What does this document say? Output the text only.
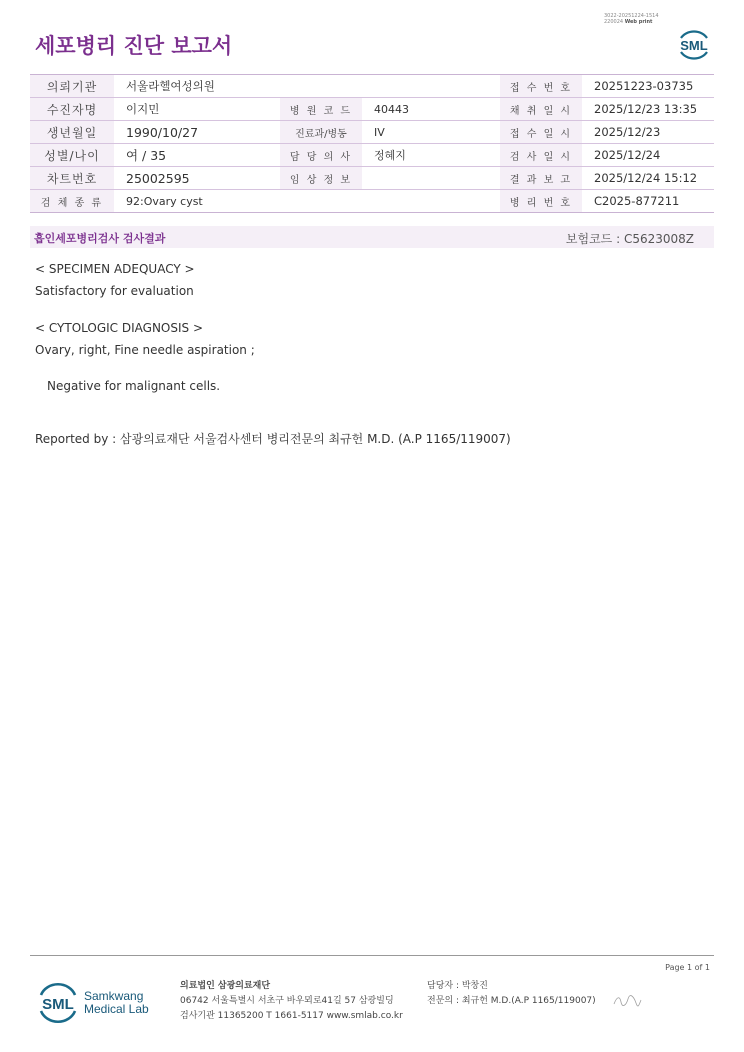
세포병리 진단 보고서
3022-20251224-1514
220024 Web print
SML
의뢰기관	서울라헬여성의원			접 수 번 호	20251223-03735
수진자명	이지민	병 원 코 드	40443	채 취 일 시	2025/12/23 13:35
생년월일	1990/10/27	진료과/병동	IV	접 수 일 시	2025/12/23
성별/나이	여 / 35	담 당 의 사	정혜지	검 사 일 시	2025/12/24
차트번호	25002595	임 상 정 보		결 과 보 고	2025/12/24 15:12
검 체 종 류	92:Ovary cyst			병 리 번 호	C2025-877211
흡인세포병리검사 검사결과	보험코드 : C5623008Z
< SPECIMEN ADEQUACY >
Satisfactory for evaluation
< CYTOLOGIC DIAGNOSIS >
Ovary, right, Fine needle aspiration ;
Negative for malignant cells.
Reported by : 삼광의료재단 서울검사센터 병리전문의 최규헌 M.D. (A.P 1165/119007)
Page 1 of 1
SML Samkwang
Medical Lab
의료법인 삼광의료재단
06742 서울특별시 서초구 바우뫼로41길 57 삼광빌딩
검사기관 11365200 T 1661-5117 www.smlab.co.kr
담당자 : 박창진
전문의 : 최규헌 M.D.(A.P 1165/119007)
